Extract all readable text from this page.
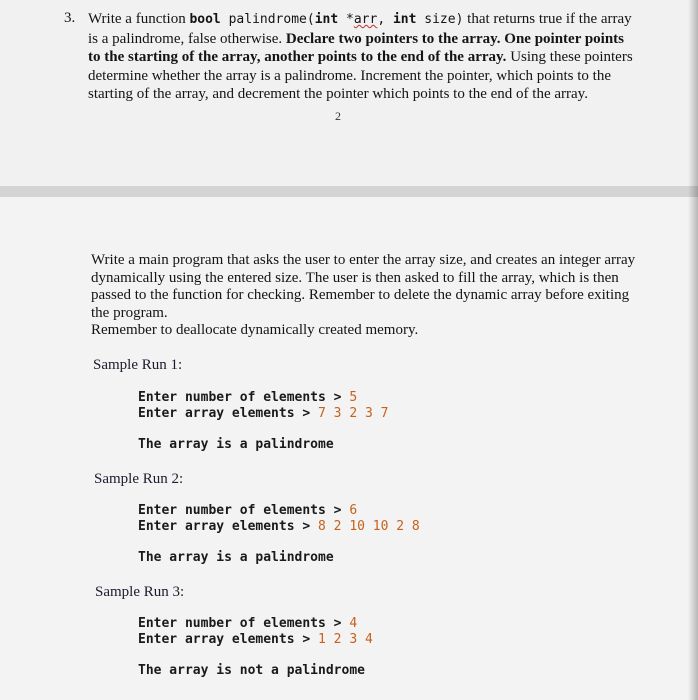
3. Write a function bool palindrome(int *arr, int size) that returns true if the array is a palindrome, false otherwise. Declare two pointers to the array. One pointer points to the starting of the array, another points to the end of the array. Using these pointers determine whether the array is a palindrome. Increment the pointer, which points to the starting of the array, and decrement the pointer which points to the end of the array.
2
Write a main program that asks the user to enter the array size, and creates an integer array dynamically using the entered size. The user is then asked to fill the array, which is then passed to the function for checking. Remember to delete the dynamic array before exiting the program.
Remember to deallocate dynamically created memory.
Sample Run 1:
Enter number of elements > 5
Enter array elements > 7 3 2 3 7
The array is a palindrome
Sample Run 2:
Enter number of elements > 6
Enter array elements > 8 2 10 10 2 8
The array is a palindrome
Sample Run 3:
Enter number of elements > 4
Enter array elements > 1 2 3 4
The array is not a palindrome
